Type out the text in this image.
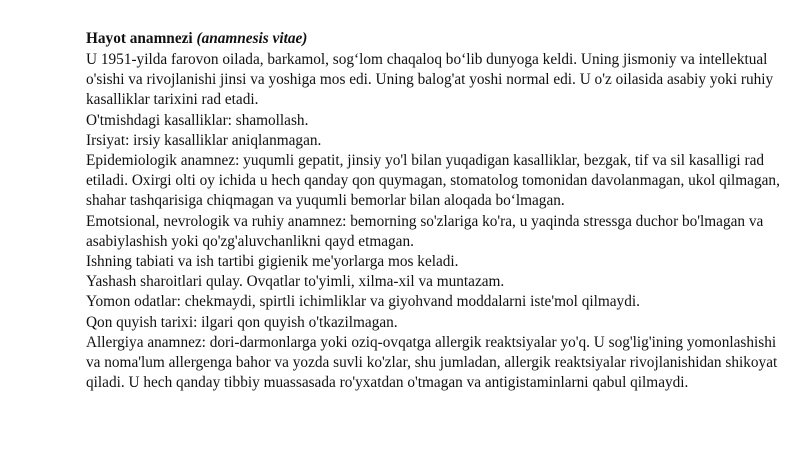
Hayot anamnezi (anamnesis vitae)

U 1951-yilda farovon oilada, barkamol, sogʻlom chaqaloq boʻlib dunyoga keldi. Uning jismoniy va intellektual o'sishi va rivojlanishi jinsi va yoshiga mos edi. Uning balog'at yoshi normal edi. U o'z oilasida asabiy yoki ruhiy kasalliklar tarixini rad etadi.

O'tmishdagi kasalliklar: shamollash.

Irsiyat: irsiy kasalliklar aniqlanmagan.

Epidemiologik anamnez: yuqumli gepatit, jinsiy yo'l bilan yuqadigan kasalliklar, bezgak, tif va sil kasalligi rad etiladi. Oxirgi olti oy ichida u hech qanday qon quymagan, stomatolog tomonidan davolanmagan, ukol qilmagan, shahar tashqarisiga chiqmagan va yuqumli bemorlar bilan aloqada boʻlmagan.

Emotsional, nevrologik va ruhiy anamnez: bemorning so'zlariga ko'ra, u yaqinda stressga duchor bo'lmagan va asabiylashish yoki qo'zg'aluvchanlikni qayd etmagan.

Ishning tabiati va ish tartibi gigienik me'yorlarga mos keladi.

Yashash sharoitlari qulay. Ovqatlar to'yimli, xilma-xil va muntazam.

Yomon odatlar: chekmaydi, spirtli ichimliklar va giyohvand moddalarni iste'mol qilmaydi.

Qon quyish tarixi: ilgari qon quyish o'tkazilmagan.

Allergiya anamnez: dori-darmonlarga yoki oziq-ovqatga allergik reaktsiyalar yo'q. U sog'lig'ining yomonlashishi va noma'lum allergenga bahor va yozda suvli ko'zlar, shu jumladan, allergik reaktsiyalar rivojlanishidan shikoyat qiladi. U hech qanday tibbiy muassasada ro'yxatdan o'tmagan va antigistaminlarni qabul qilmaydi.
